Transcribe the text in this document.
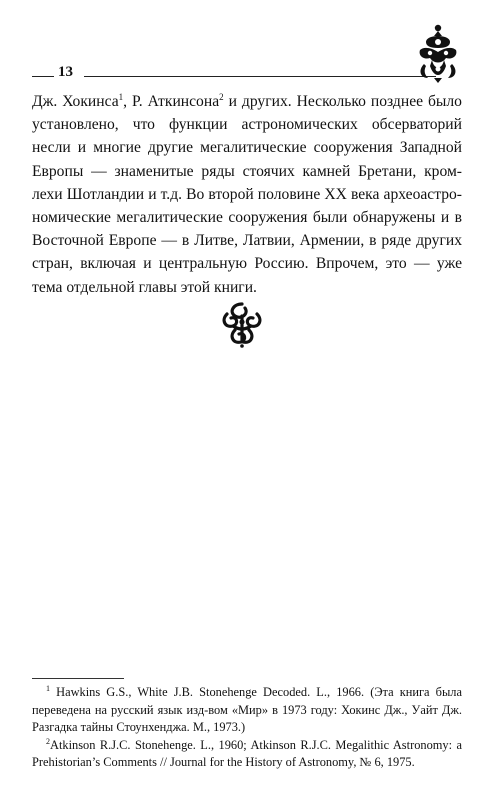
13
Дж. Хокинса$^1$, Р. Аткинсона$^2$ и других. Несколько позднее было
установлено, что функции астрономических обсерваторий
несли и многие другие мегалитические сооружения Западной
Европы — знаменитые ряды стоячих камней Бретани, кром-
лехи Шотландии и т.д. Во второй половине XX века археоастро-
номические мегалитические сооружения были обнаружены и в
Восточной Европе — в Литве, Латвии, Армении, в ряде других
стран, включая и центральную Россию. Впрочем, это — уже
тема отдельной главы этой книги.

$^1$ Hawkins G.S., White J.B. Stonehenge Decoded. L., 1966. (Эта книга была переведена на русский язык изд-вом «Мир» в 1973 году: Хокинс Дж., Уайт Дж. Разгадка тайны Стоунхенджа. М., 1973.)

$^2$Atkinson R.J.C. Stonehenge. L., 1960; Atkinson R.J.C. Megalithic Astronomy: a Prehistorian’s Comments // Journal for the History of Astronomy, № 6, 1975.
